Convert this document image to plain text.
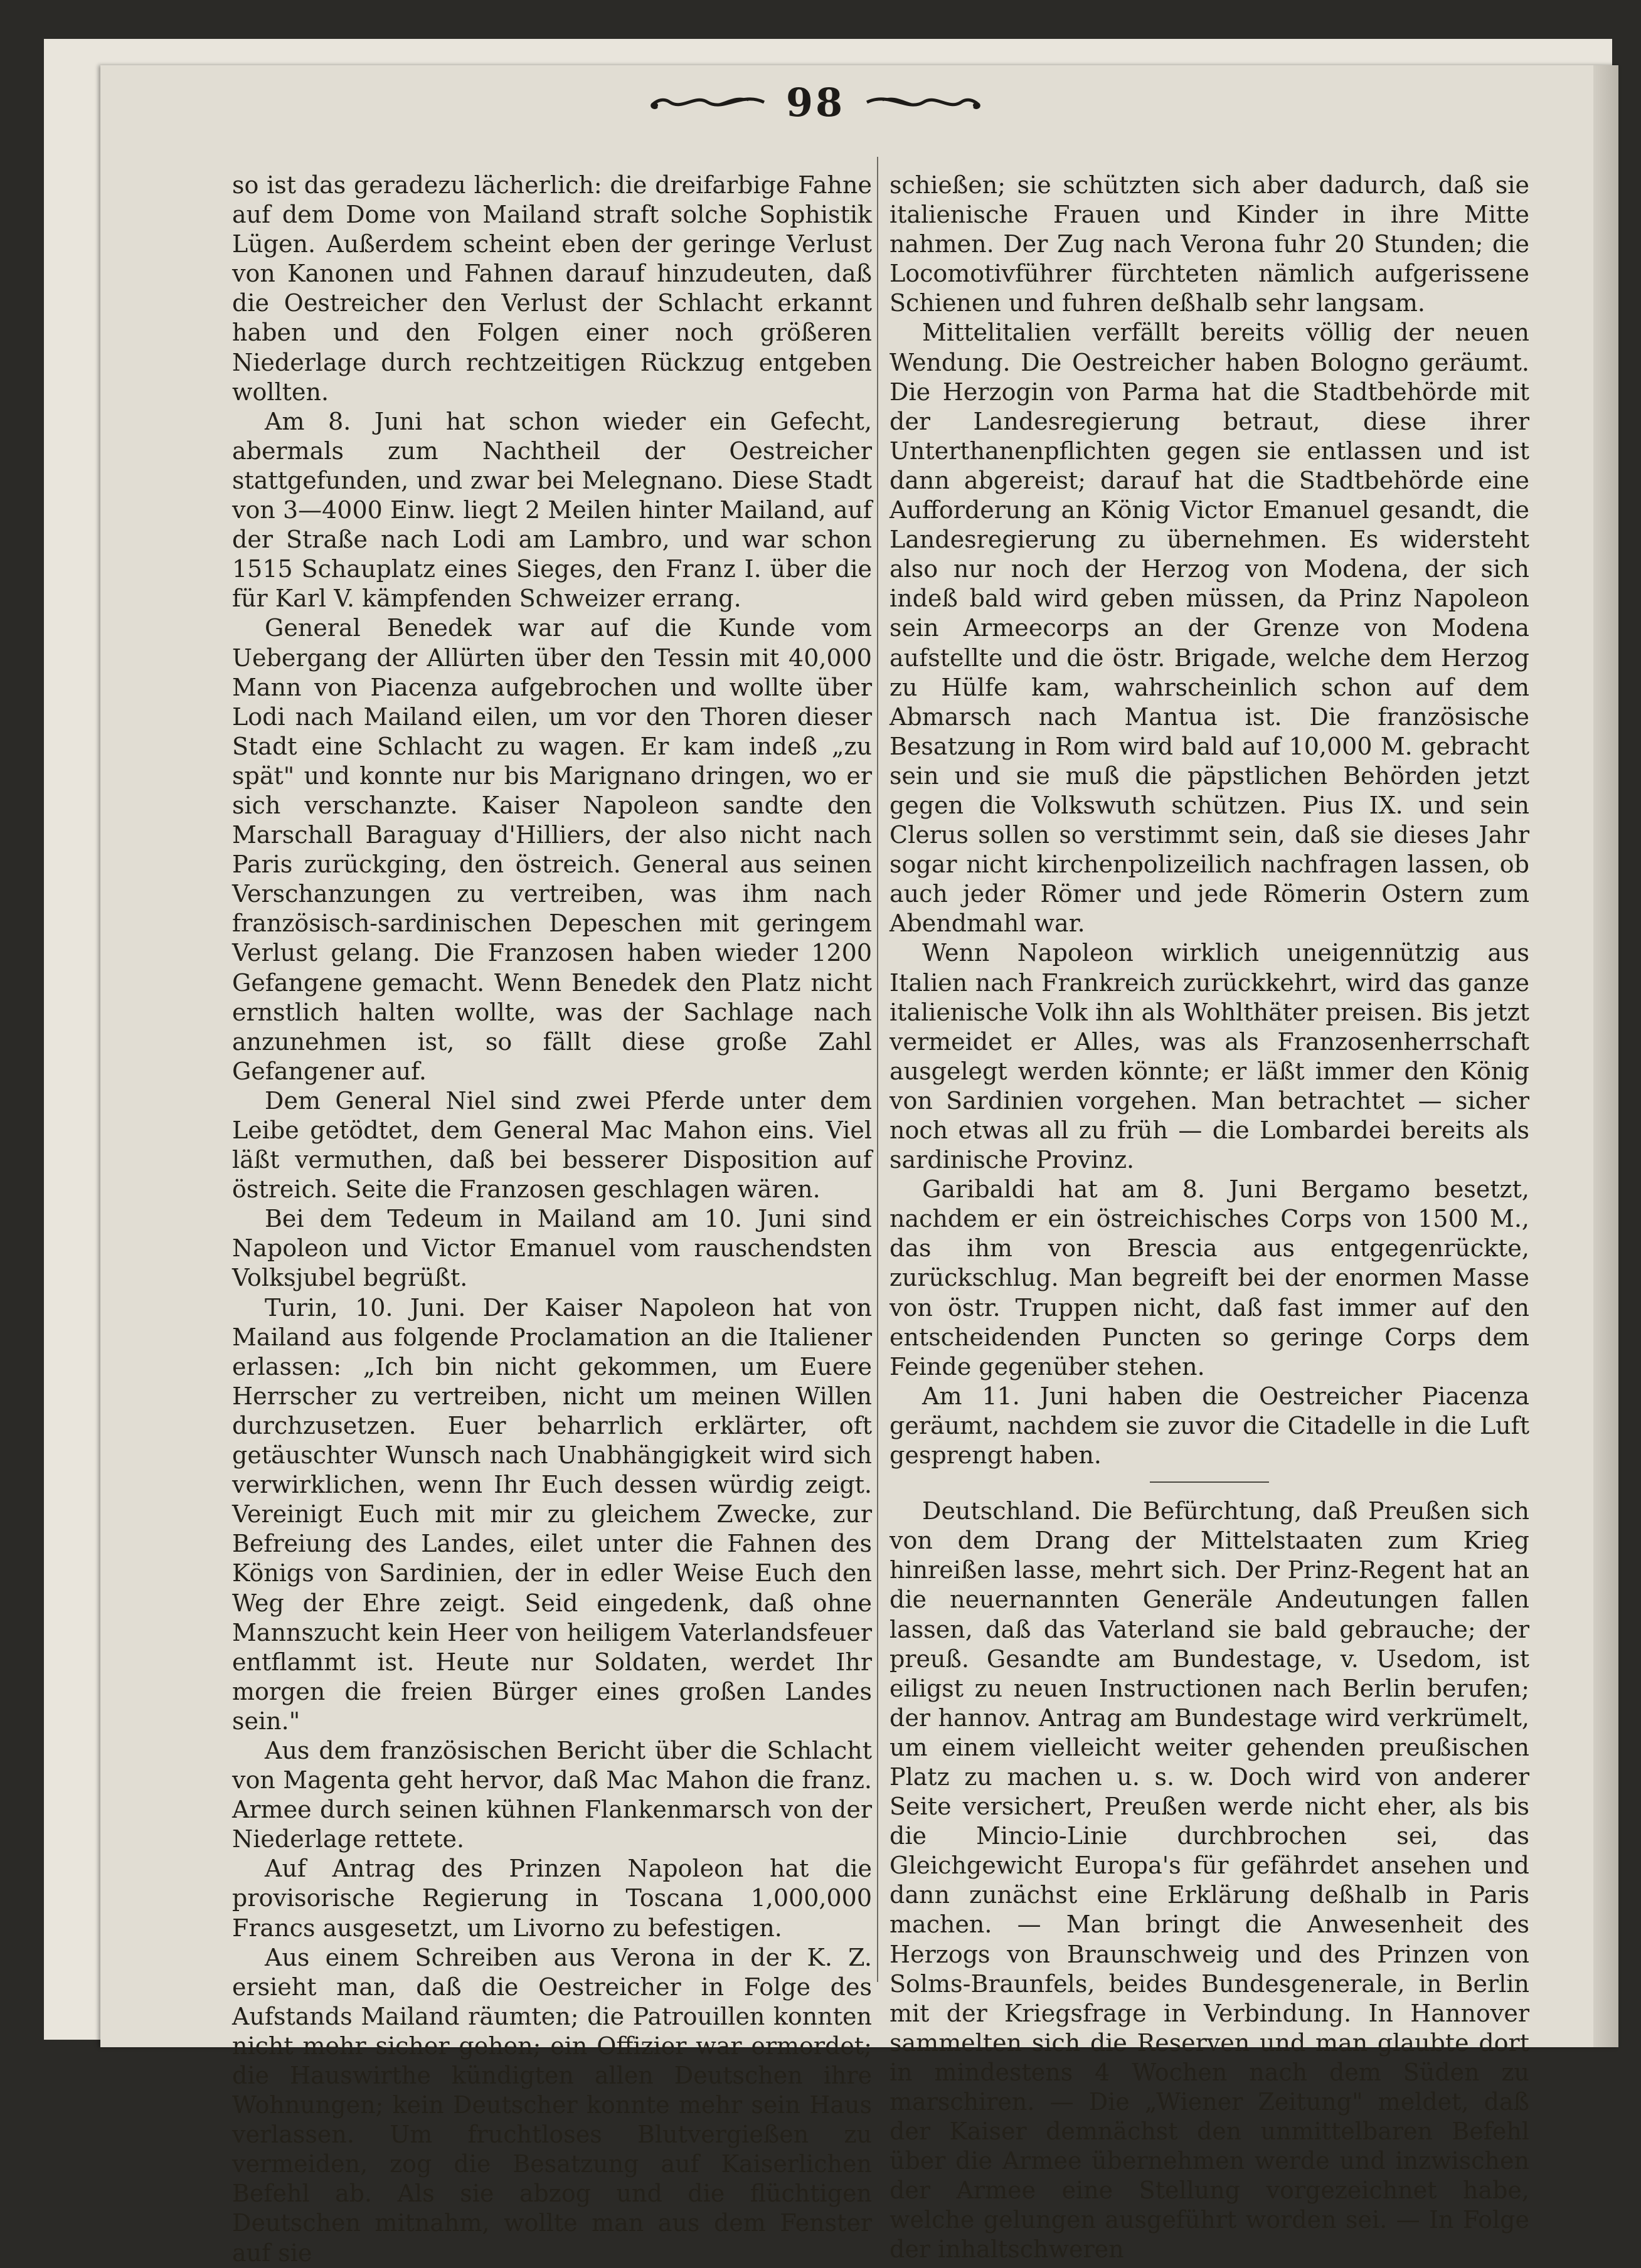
98

so ist das geradezu lächerlich: die dreifarbige Fahne auf dem Dome von Mailand straft solche Sophistik Lügen. Außerdem scheint eben der geringe Verlust von Kanonen und Fahnen darauf hinzudeuten, daß die Oestreicher den Verlust der Schlacht erkannt haben und den Folgen einer noch größeren Niederlage durch rechtzeitigen Rückzug entgeben wollten.

Am 8. Juni hat schon wieder ein Gefecht, abermals zum Nachtheil der Oestreicher stattgefunden, und zwar bei Melegnano. Diese Stadt von 3—4000 Einw. liegt 2 Meilen hinter Mailand, auf der Straße nach Lodi am Lambro, und war schon 1515 Schauplatz eines Sieges, den Franz I. über die für Karl V. kämpfenden Schweizer errang.

General Benedek war auf die Kunde vom Uebergang der Allürten über den Tessin mit 40,000 Mann von Piacenza aufgebrochen und wollte über Lodi nach Mailand eilen, um vor den Thoren dieser Stadt eine Schlacht zu wagen. Er kam indeß „zu spät" und konnte nur bis Marignano dringen, wo er sich verschanzte. Kaiser Napoleon sandte den Marschall Baraguay d'Hilliers, der also nicht nach Paris zurückging, den östreich. General aus seinen Verschanzungen zu vertreiben, was ihm nach französisch-sardinischen Depeschen mit geringem Verlust gelang. Die Franzosen haben wieder 1200 Gefangene gemacht. Wenn Benedek den Platz nicht ernstlich halten wollte, was der Sachlage nach anzunehmen ist, so fällt diese große Zahl Gefangener auf.

Dem General Niel sind zwei Pferde unter dem Leibe getödtet, dem General Mac Mahon eins. Viel läßt vermuthen, daß bei besserer Disposition auf östreich. Seite die Franzosen geschlagen wären.

Bei dem Tedeum in Mailand am 10. Juni sind Napoleon und Victor Emanuel vom rauschendsten Volksjubel begrüßt.

Turin, 10. Juni. Der Kaiser Napoleon hat von Mailand aus folgende Proclamation an die Italiener erlassen: „Ich bin nicht gekommen, um Euere Herrscher zu vertreiben, nicht um meinen Willen durchzusetzen. Euer beharrlich erklärter, oft getäuschter Wunsch nach Unabhängigkeit wird sich verwirklichen, wenn Ihr Euch dessen würdig zeigt. Vereinigt Euch mit mir zu gleichem Zwecke, zur Befreiung des Landes, eilet unter die Fahnen des Königs von Sardinien, der in edler Weise Euch den Weg der Ehre zeigt. Seid eingedenk, daß ohne Mannszucht kein Heer von heiligem Vaterlandsfeuer entflammt ist. Heute nur Soldaten, werdet Ihr morgen die freien Bürger eines großen Landes sein."

Aus dem französischen Bericht über die Schlacht von Magenta geht hervor, daß Mac Mahon die franz. Armee durch seinen kühnen Flankenmarsch von der Niederlage rettete.

Auf Antrag des Prinzen Napoleon hat die provisorische Regierung in Toscana 1,000,000 Francs ausgesetzt, um Livorno zu befestigen.

Aus einem Schreiben aus Verona in der K. Z. ersieht man, daß die Oestreicher in Folge des Aufstands Mailand räumten; die Patrouillen konnten nicht mehr sicher gehen; ein Offizier war ermordet; die Hauswirthe kündigten allen Deutschen ihre Wohnungen; kein Deutscher konnte mehr sein Haus verlassen. Um fruchtloses Blutvergießen zu vermeiden, zog die Besatzung auf Kaiserlichen Befehl ab. Als sie abzog und die flüchtigen Deutschen mitnahm, wollte man aus dem Fenster auf sie

schießen; sie schützten sich aber dadurch, daß sie italienische Frauen und Kinder in ihre Mitte nahmen. Der Zug nach Verona fuhr 20 Stunden; die Locomotivführer fürchteten nämlich aufgerissene Schienen und fuhren deßhalb sehr langsam.

Mittelitalien verfällt bereits völlig der neuen Wendung. Die Oestreicher haben Bologno geräumt. Die Herzogin von Parma hat die Stadtbehörde mit der Landesregierung betraut, diese ihrer Unterthanenpflichten gegen sie entlassen und ist dann abgereist; darauf hat die Stadtbehörde eine Aufforderung an König Victor Emanuel gesandt, die Landesregierung zu übernehmen. Es widersteht also nur noch der Herzog von Modena, der sich indeß bald wird geben müssen, da Prinz Napoleon sein Armeecorps an der Grenze von Modena aufstellte und die östr. Brigade, welche dem Herzog zu Hülfe kam, wahrscheinlich schon auf dem Abmarsch nach Mantua ist. Die französische Besatzung in Rom wird bald auf 10,000 M. gebracht sein und sie muß die päpstlichen Behörden jetzt gegen die Volkswuth schützen. Pius IX. und sein Clerus sollen so verstimmt sein, daß sie dieses Jahr sogar nicht kirchenpolizeilich nachfragen lassen, ob auch jeder Römer und jede Römerin Ostern zum Abendmahl war.

Wenn Napoleon wirklich uneigennützig aus Italien nach Frankreich zurückkehrt, wird das ganze italienische Volk ihn als Wohlthäter preisen. Bis jetzt vermeidet er Alles, was als Franzosenherrschaft ausgelegt werden könnte; er läßt immer den König von Sardinien vorgehen. Man betrachtet — sicher noch etwas all zu früh — die Lombardei bereits als sardinische Provinz.

Garibaldi hat am 8. Juni Bergamo besetzt, nachdem er ein östreichisches Corps von 1500 M., das ihm von Brescia aus entgegenrückte, zurückschlug. Man begreift bei der enormen Masse von östr. Truppen nicht, daß fast immer auf den entscheidenden Puncten so geringe Corps dem Feinde gegenüber stehen.

Am 11. Juni haben die Oestreicher Piacenza geräumt, nachdem sie zuvor die Citadelle in die Luft gesprengt haben.

Deutschland. Die Befürchtung, daß Preußen sich von dem Drang der Mittelstaaten zum Krieg hinreißen lasse, mehrt sich. Der Prinz-Regent hat an die neuernannten Generäle Andeutungen fallen lassen, daß das Vaterland sie bald gebrauche; der preuß. Gesandte am Bundestage, v. Usedom, ist eiligst zu neuen Instructionen nach Berlin berufen; der hannov. Antrag am Bundestage wird verkrümelt, um einem vielleicht weiter gehenden preußischen Platz zu machen u. s. w. Doch wird von anderer Seite versichert, Preußen werde nicht eher, als bis die Mincio-Linie durchbrochen sei, das Gleichgewicht Europa's für gefährdet ansehen und dann zunächst eine Erklärung deßhalb in Paris machen. — Man bringt die Anwesenheit des Herzogs von Braunschweig und des Prinzen von Solms-Braunfels, beides Bundesgenerale, in Berlin mit der Kriegsfrage in Verbindung. In Hannover sammelten sich die Reserven und man glaubte dort in mindestens 4 Wochen nach dem Süden zu marschiren. — Die „Wiener Zeitung" meldet, daß der Kaiser demnächst den unmittelbaren Befehl über die Armee übernehmen werde und inzwischen der Armee eine Stellung vorgezeichnet habe, welche gelungen ausgeführt worden sei. — In Folge der inhaltschweren
